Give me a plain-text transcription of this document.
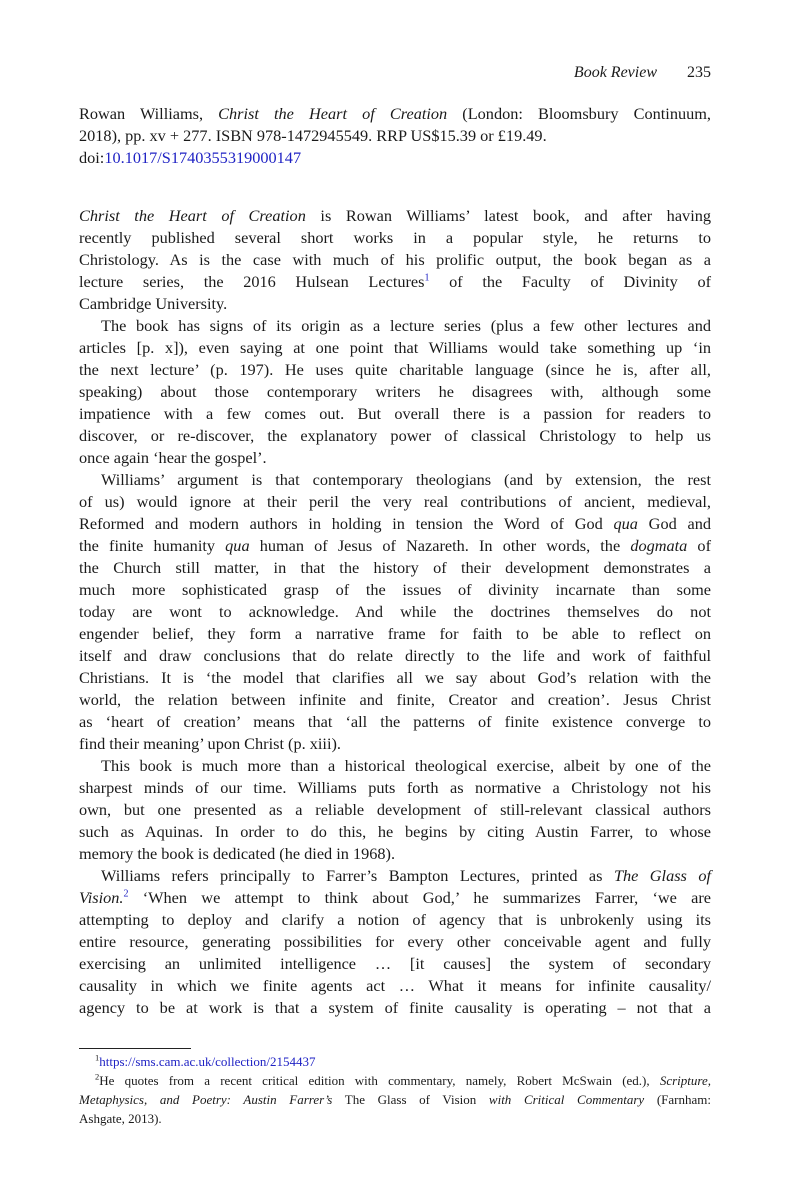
Book Review 235
Rowan Williams, Christ the Heart of Creation (London: Bloomsbury Continuum,
2018), pp. xv + 277. ISBN 978-1472945549. RRP US$15.39 or £19.49.
doi:10.1017/S1740355319000147
Christ the Heart of Creation is Rowan Williams’ latest book, and after having
recently published several short works in a popular style, he returns to
Christology. As is the case with much of his prolific output, the book began as a
lecture series, the 2016 Hulsean Lectures$^1$ of the Faculty of Divinity of
Cambridge University.
The book has signs of its origin as a lecture series (plus a few other lectures and
articles [p. x]), even saying at one point that Williams would take something up ‘in
the next lecture’ (p. 197). He uses quite charitable language (since he is, after all,
speaking) about those contemporary writers he disagrees with, although some
impatience with a few comes out. But overall there is a passion for readers to
discover, or re-discover, the explanatory power of classical Christology to help us
once again ‘hear the gospel’.
Williams’ argument is that contemporary theologians (and by extension, the rest
of us) would ignore at their peril the very real contributions of ancient, medieval,
Reformed and modern authors in holding in tension the Word of God qua God and
the finite humanity qua human of Jesus of Nazareth. In other words, the dogmata of
the Church still matter, in that the history of their development demonstrates a
much more sophisticated grasp of the issues of divinity incarnate than some
today are wont to acknowledge. And while the doctrines themselves do not
engender belief, they form a narrative frame for faith to be able to reflect on
itself and draw conclusions that do relate directly to the life and work of faithful
Christians. It is ‘the model that clarifies all we say about God’s relation with the
world, the relation between infinite and finite, Creator and creation’. Jesus Christ
as ‘heart of creation’ means that ‘all the patterns of finite existence converge to
find their meaning’ upon Christ (p. xiii).
This book is much more than a historical theological exercise, albeit by one of the
sharpest minds of our time. Williams puts forth as normative a Christology not his
own, but one presented as a reliable development of still-relevant classical authors
such as Aquinas. In order to do this, he begins by citing Austin Farrer, to whose
memory the book is dedicated (he died in 1968).
Williams refers principally to Farrer’s Bampton Lectures, printed as The Glass of
Vision.$^2$ ‘When we attempt to think about God,’ he summarizes Farrer, ‘we are
attempting to deploy and clarify a notion of agency that is unbrokenly using its
entire resource, generating possibilities for every other conceivable agent and fully
exercising an unlimited intelligence … [it causes] the system of secondary
causality in which we finite agents act … What it means for infinite causality/
agency to be at work is that a system of finite causality is operating – not that a
$^1$https://sms.cam.ac.uk/collection/2154437
$^2$He quotes from a recent critical edition with commentary, namely, Robert McSwain (ed.), Scripture,
Metaphysics, and Poetry: Austin Farrer’s The Glass of Vision with Critical Commentary (Farnham:
Ashgate, 2013).
